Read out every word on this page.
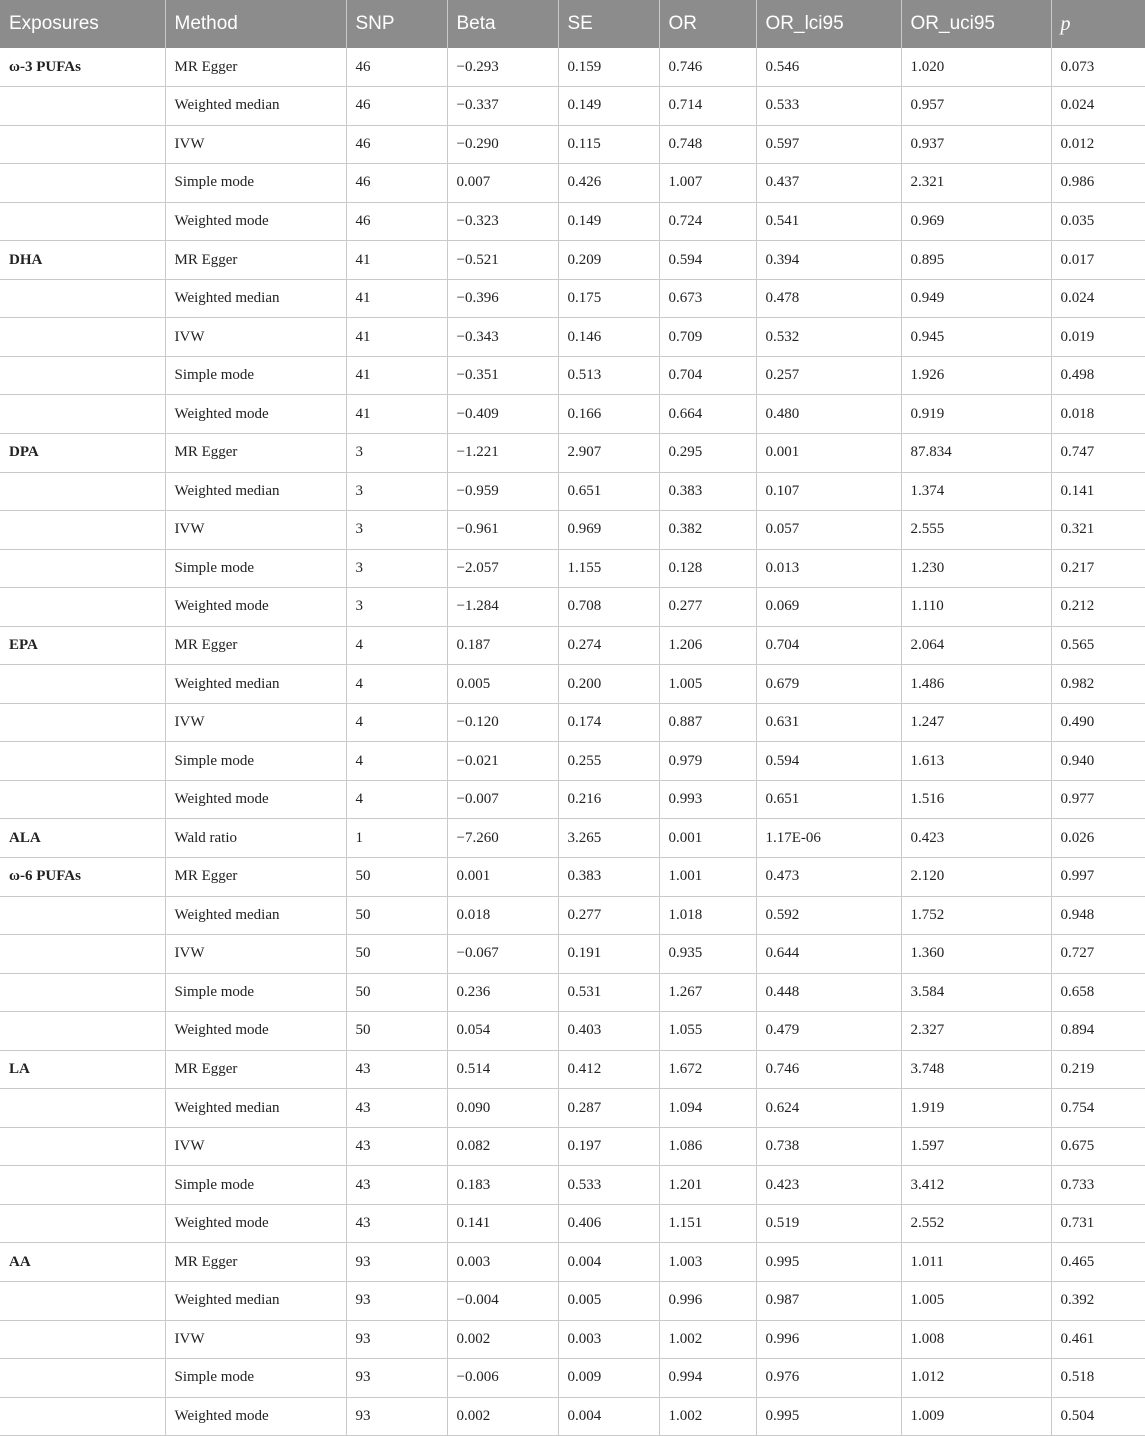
Exposures	Method	SNP	Beta	SE	OR	OR_lci95	OR_uci95	p
ω-3 PUFAs	MR Egger	46	−0.293	0.159	0.746	0.546	1.020	0.073
	Weighted median	46	−0.337	0.149	0.714	0.533	0.957	0.024
	IVW	46	−0.290	0.115	0.748	0.597	0.937	0.012
	Simple mode	46	0.007	0.426	1.007	0.437	2.321	0.986
	Weighted mode	46	−0.323	0.149	0.724	0.541	0.969	0.035
DHA	MR Egger	41	−0.521	0.209	0.594	0.394	0.895	0.017
	Weighted median	41	−0.396	0.175	0.673	0.478	0.949	0.024
	IVW	41	−0.343	0.146	0.709	0.532	0.945	0.019
	Simple mode	41	−0.351	0.513	0.704	0.257	1.926	0.498
	Weighted mode	41	−0.409	0.166	0.664	0.480	0.919	0.018
DPA	MR Egger	3	−1.221	2.907	0.295	0.001	87.834	0.747
	Weighted median	3	−0.959	0.651	0.383	0.107	1.374	0.141
	IVW	3	−0.961	0.969	0.382	0.057	2.555	0.321
	Simple mode	3	−2.057	1.155	0.128	0.013	1.230	0.217
	Weighted mode	3	−1.284	0.708	0.277	0.069	1.110	0.212
EPA	MR Egger	4	0.187	0.274	1.206	0.704	2.064	0.565
	Weighted median	4	0.005	0.200	1.005	0.679	1.486	0.982
	IVW	4	−0.120	0.174	0.887	0.631	1.247	0.490
	Simple mode	4	−0.021	0.255	0.979	0.594	1.613	0.940
	Weighted mode	4	−0.007	0.216	0.993	0.651	1.516	0.977
ALA	Wald ratio	1	−7.260	3.265	0.001	1.17E-06	0.423	0.026
ω-6 PUFAs	MR Egger	50	0.001	0.383	1.001	0.473	2.120	0.997
	Weighted median	50	0.018	0.277	1.018	0.592	1.752	0.948
	IVW	50	−0.067	0.191	0.935	0.644	1.360	0.727
	Simple mode	50	0.236	0.531	1.267	0.448	3.584	0.658
	Weighted mode	50	0.054	0.403	1.055	0.479	2.327	0.894
LA	MR Egger	43	0.514	0.412	1.672	0.746	3.748	0.219
	Weighted median	43	0.090	0.287	1.094	0.624	1.919	0.754
	IVW	43	0.082	0.197	1.086	0.738	1.597	0.675
	Simple mode	43	0.183	0.533	1.201	0.423	3.412	0.733
	Weighted mode	43	0.141	0.406	1.151	0.519	2.552	0.731
AA	MR Egger	93	0.003	0.004	1.003	0.995	1.011	0.465
	Weighted median	93	−0.004	0.005	0.996	0.987	1.005	0.392
	IVW	93	0.002	0.003	1.002	0.996	1.008	0.461
	Simple mode	93	−0.006	0.009	0.994	0.976	1.012	0.518
	Weighted mode	93	0.002	0.004	1.002	0.995	1.009	0.504
